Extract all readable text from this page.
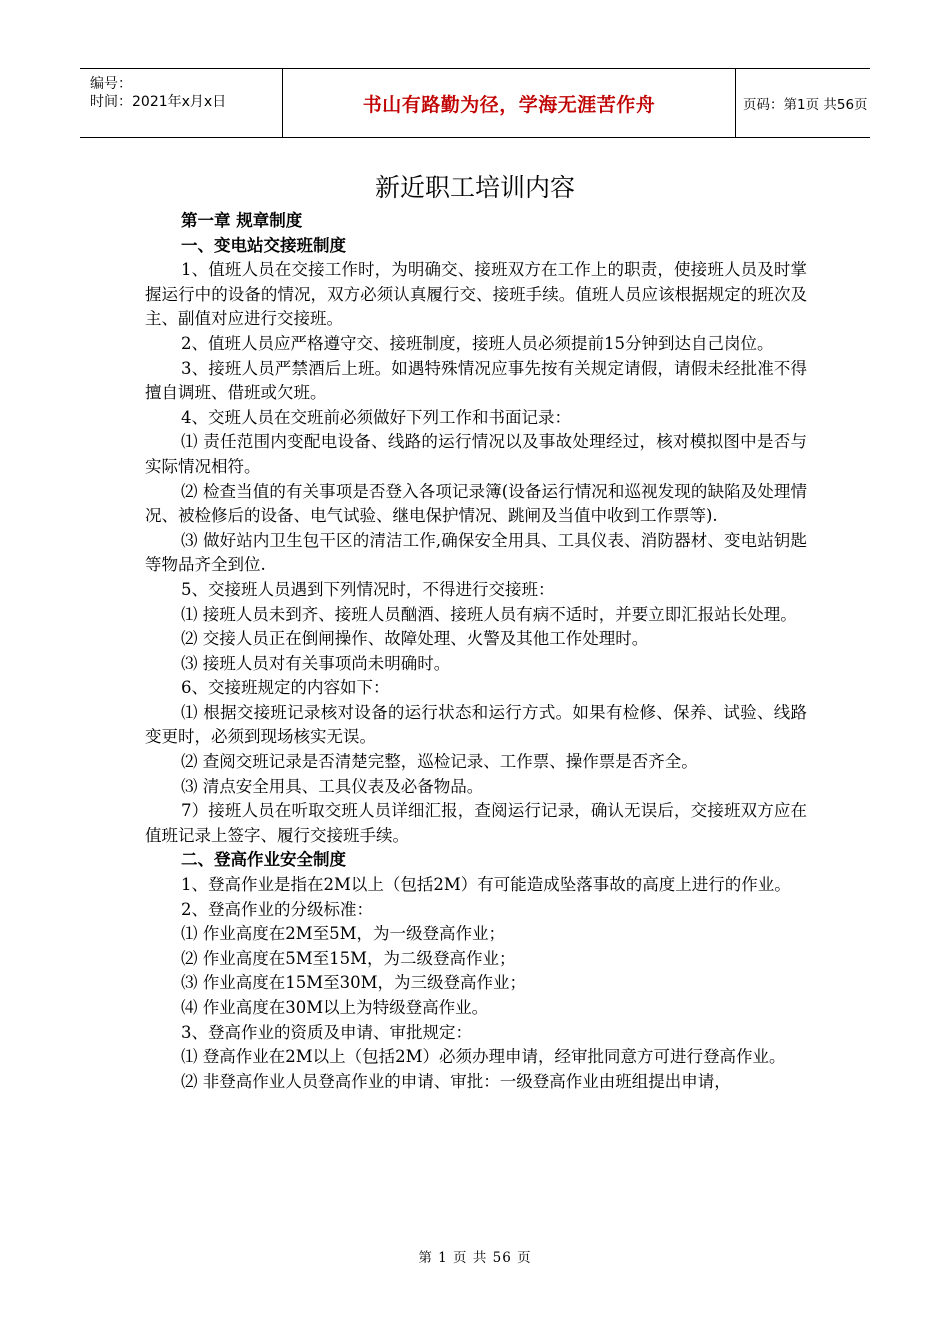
编号：
时间：2021年x月x日	书山有路勤为径，学海无涯苦作舟	页码：第1页 共56页
新近职工培训内容

第一章 规章制度

一、变电站交接班制度

1、值班人员在交接工作时，为明确交、接班双方在工作上的职责，使接班人员及时掌握运行中的设备的情况，双方必须认真履行交、接班手续。值班人员应该根据规定的班次及主、副值对应进行交接班。

2、值班人员应严格遵守交、接班制度，接班人员必须提前15分钟到达自己岗位。

3、接班人员严禁酒后上班。如遇特殊情况应事先按有关规定请假，请假未经批准不得擅自调班、借班或欠班。

4、交班人员在交班前必须做好下列工作和书面记录：

⑴ 责任范围内变配电设备、线路的运行情况以及事故处理经过，核对模拟图中是否与实际情况相符。

⑵ 检查当值的有关事项是否登入各项记录簿(设备运行情况和巡视发现的缺陷及处理情况、被检修后的设备、电气试验、继电保护情况、跳闸及当值中收到工作票等).

⑶ 做好站内卫生包干区的清洁工作,确保安全用具、工具仪表、消防器材、变电站钥匙等物品齐全到位.

5、交接班人员遇到下列情况时，不得进行交接班：

⑴ 接班人员未到齐、接班人员酗酒、接班人员有病不适时，并要立即汇报站长处理。

⑵ 交接人员正在倒闸操作、故障处理、火警及其他工作处理时。

⑶ 接班人员对有关事项尚未明确时。

6、交接班规定的内容如下：

⑴ 根据交接班记录核对设备的运行状态和运行方式。如果有检修、保养、试验、线路变更时，必须到现场核实无误。

⑵ 查阅交班记录是否清楚完整，巡检记录、工作票、操作票是否齐全。

⑶ 清点安全用具、工具仪表及必备物品。

7）接班人员在听取交班人员详细汇报，查阅运行记录，确认无误后，交接班双方应在值班记录上签字、履行交接班手续。

二、登高作业安全制度

1、登高作业是指在2M以上（包括2M）有可能造成坠落事故的高度上进行的作业。

2、登高作业的分级标准：

⑴ 作业高度在2M至5M，为一级登高作业；

⑵ 作业高度在5M至15M，为二级登高作业；

⑶ 作业高度在15M至30M，为三级登高作业；

⑷ 作业高度在30M以上为特级登高作业。

3、登高作业的资质及申请、审批规定：

⑴ 登高作业在2M以上（包括2M）必须办理申请，经审批同意方可进行登高作业。

⑵ 非登高作业人员登高作业的申请、审批：一级登高作业由班组提出申请，

第 1 页 共 56 页
